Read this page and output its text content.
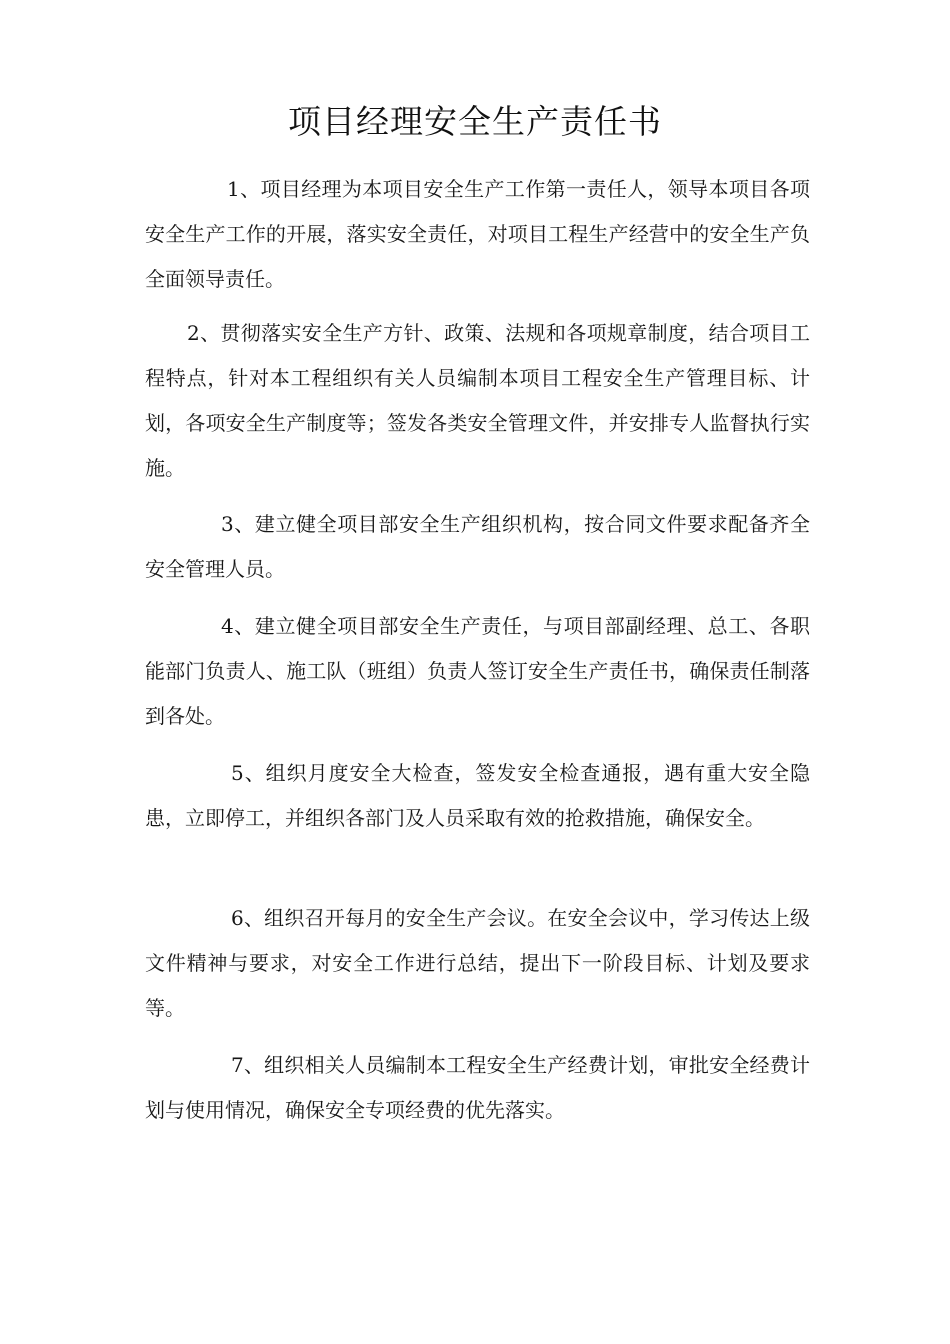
项目经理安全生产责任书

1、项目经理为本项目安全生产工作第一责任人，领导本项目各项安全生产工作的开展，落实安全责任，对项目工程生产经营中的安全生产负全面领导责任。

2、贯彻落实安全生产方针、政策、法规和各项规章制度，结合项目工程特点，针对本工程组织有关人员编制本项目工程安全生产管理目标、计划，各项安全生产制度等；签发各类安全管理文件，并安排专人监督执行实施。

3、建立健全项目部安全生产组织机构，按合同文件要求配备齐全安全管理人员。

4、建立健全项目部安全生产责任，与项目部副经理、总工、各职能部门负责人、施工队（班组）负责人签订安全生产责任书，确保责任制落到各处。

5、组织月度安全大检查，签发安全检查通报，遇有重大安全隐患，立即停工，并组织各部门及人员采取有效的抢救措施，确保安全。

6、组织召开每月的安全生产会议。在安全会议中，学习传达上级文件精神与要求，对安全工作进行总结，提出下一阶段目标、计划及要求等。

7、组织相关人员编制本工程安全生产经费计划，审批安全经费计划与使用情况，确保安全专项经费的优先落实。
